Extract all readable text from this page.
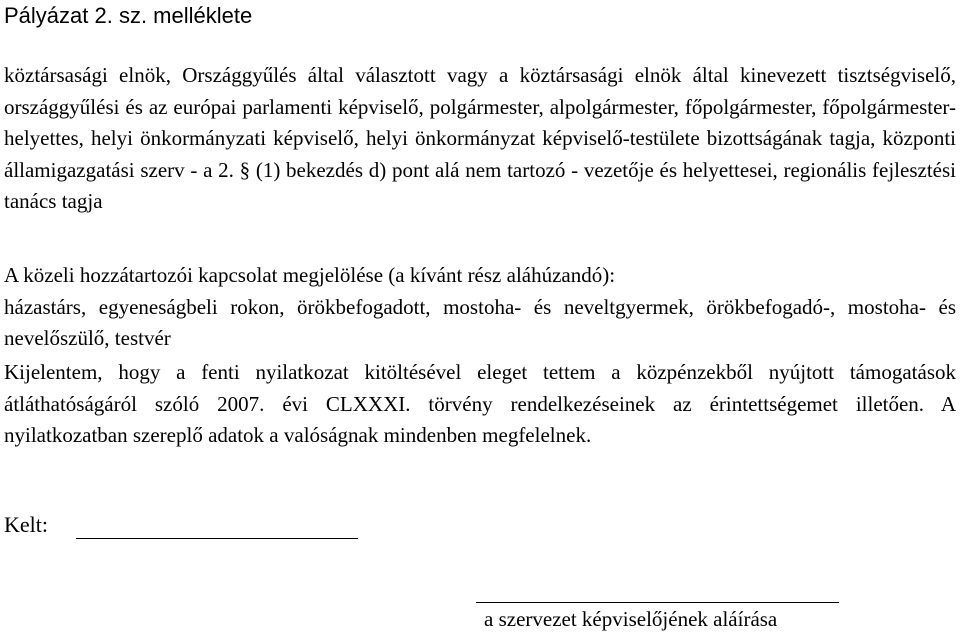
Pályázat 2. sz. melléklete
köztársasági elnök, Országgyűlés által választott vagy a köztársasági elnök által kinevezett tisztségviselő, országgyűlési és az európai parlamenti képviselő, polgármester, alpolgármester, főpolgármester, főpolgármester-helyettes, helyi önkormányzati képviselő, helyi önkormányzat képviselő-testülete bizottságának tagja, központi államigazgatási szerv - a 2. § (1) bekezdés d) pont alá nem tartozó - vezetője és helyettesei, regionális fejlesztési tanács tagja
A közeli hozzátartozói kapcsolat megjelölése (a kívánt rész aláhúzandó):
házastárs, egyeneságbeli rokon, örökbefogadott, mostoha- és neveltgyermek, örökbefogadó-, mostoha- és nevelőszülő, testvér
Kijelentem, hogy a fenti nyilatkozat kitöltésével eleget tettem a közpénzekből nyújtott támogatások átláthatóságáról szóló 2007. évi CLXXXI. törvény rendelkezéseinek az érintettségemet illetően. A nyilatkozatban szereplő adatok a valóságnak mindenben megfelelnek.
Kelt:
a szervezet képviselőjének aláírása
